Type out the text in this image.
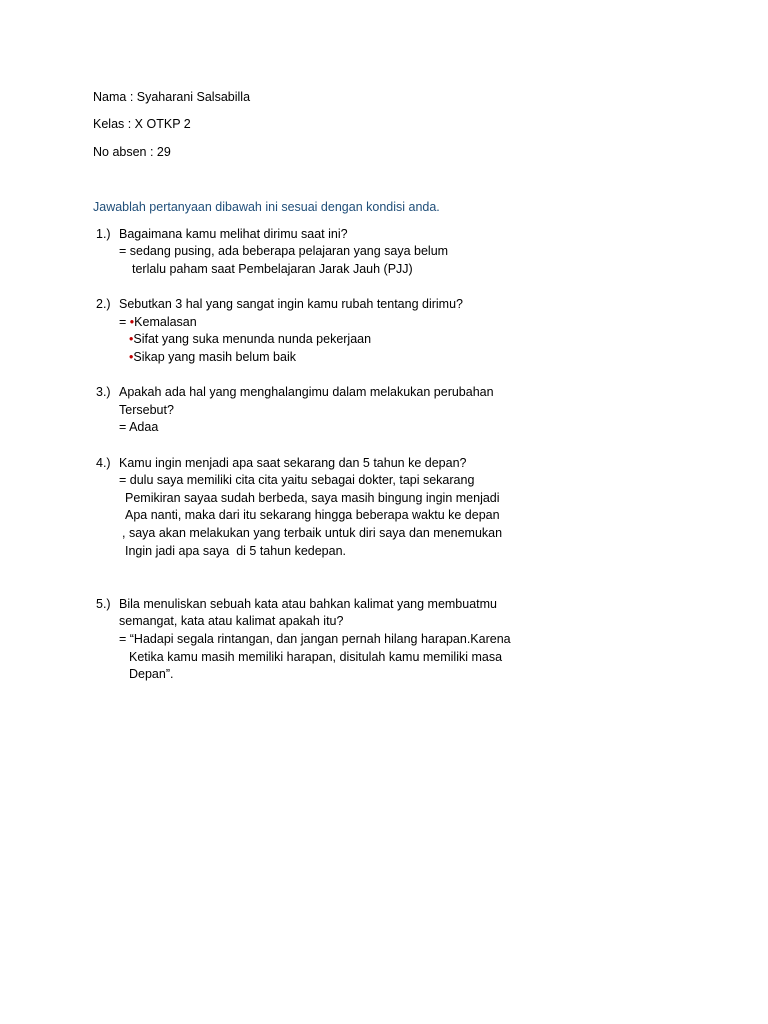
Nama : Syaharani Salsabilla
Kelas : X OTKP 2
No absen : 29
Jawablah pertanyaan dibawah ini sesuai dengan kondisi anda.
1.) Bagaimana kamu melihat dirimu saat ini?
= sedang pusing, ada beberapa pelajaran yang saya belum
terlalu paham saat Pembelajaran Jarak Jauh (PJJ)
2.) Sebutkan 3 hal yang sangat ingin kamu rubah tentang dirimu?
= •Kemalasan
•Sifat yang suka menunda nunda pekerjaan
•Sikap yang masih belum baik
3.) Apakah ada hal yang menghalangimu dalam melakukan perubahan
Tersebut?
= Adaa
4.) Kamu ingin menjadi apa saat sekarang dan 5 tahun ke depan?
= dulu saya memiliki cita cita yaitu sebagai dokter, tapi sekarang
Pemikiran sayaa sudah berbeda, saya masih bingung ingin menjadi
Apa nanti, maka dari itu sekarang hingga beberapa waktu ke depan
, saya akan melakukan yang terbaik untuk diri saya dan menemukan
Ingin jadi apa saya  di 5 tahun kedepan.
5.) Bila menuliskan sebuah kata atau bahkan kalimat yang membuatmu
semangat, kata atau kalimat apakah itu?
= “Hadapi segala rintangan, dan jangan pernah hilang harapan.Karena
Ketika kamu masih memiliki harapan, disitulah kamu memiliki masa
Depan”.
